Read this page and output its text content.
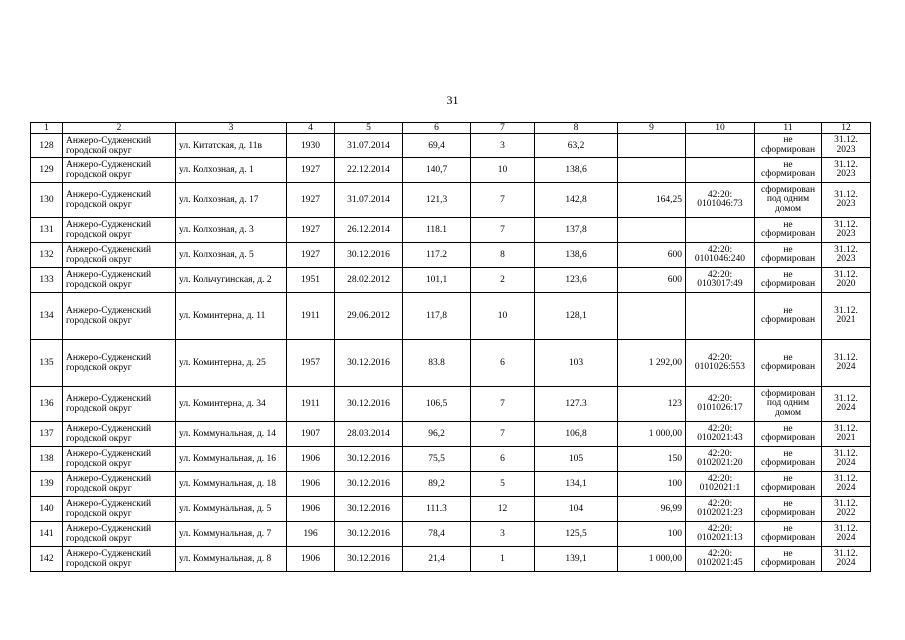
31
1	2	3	4	5	6	7	8	9	10	11	12
128	Анжеро-Судженский городской округ	ул. Китатская, д. 11в	1930	31.07.2014	69,4	3	63,2			не сформирован	31.12. 2023
129	Анжеро-Судженский городской округ	ул. Колхозная, д. 1	1927	22.12.2014	140,7	10	138,6			не сформирован	31.12. 2023
130	Анжеро-Судженский городской округ	ул. Колхозная, д. 17	1927	31.07.2014	121,3	7	142,8	164,25	42:20: 0101046:73	сформирован под одним домом	31.12. 2023
131	Анжеро-Судженский городской округ	ул. Колхозная, д. 3	1927	26.12.2014	118.1	7	137,8			не сформирован	31.12. 2023
132	Анжеро-Судженский городской округ	ул. Колхозная, д. 5	1927	30.12.2016	117.2	8	138,6	600	42:20: 0101046:240	не сформирован	31.12. 2023
133	Анжеро-Судженский городской округ	ул. Кольчугинская, д. 2	1951	28.02.2012	101,1	2	123,6	600	42:20: 0103017:49	не сформирован	31.12. 2020
134	Анжеро-Судженский городской округ	ул. Коминтерна, д. 11	1911	29.06.2012	117,8	10	128,1			не сформирован	31.12. 2021
135	Анжеро-Судженский городской округ	ул. Коминтерна, д. 25	1957	30.12.2016	83.8	6	103	1 292,00	42:20: 0101026:553	не сформирован	31.12. 2024
136	Анжеро-Судженский городской округ	ул. Коминтерна, д. 34	1911	30.12.2016	106,5	7	127.3	123	42:20: 0101026:17	сформирован под одним домом	31.12. 2024
137	Анжеро-Судженский городской округ	ул. Коммунальная, д. 14	1907	28.03.2014	96,2	7	106,8	1 000,00	42:20: 0102021:43	не сформирован	31.12. 2021
138	Анжеро-Судженский городской округ	ул. Коммунальная, д. 16	1906	30.12.2016	75,5	6	105	150	42:20: 0102021:20	не сформирован	31.12. 2024
139	Анжеро-Судженский городской округ	ул. Коммунальная, д. 18	1906	30.12.2016	89,2	5	134,1	100	42:20: 0102021:1	не сформирован	31.12. 2024
140	Анжеро-Судженский городской округ	ул. Коммунальная, д. 5	1906	30.12.2016	111.3	12	104	96,99	42:20: 0102021:23	не сформирован	31.12. 2022
141	Анжеро-Судженский городской округ	ул. Коммунальная, д. 7	196	30.12.2016	78,4	3	125,5	100	42:20: 0102021:13	не сформирован	31.12. 2024
142	Анжеро-Судженский городской округ	ул. Коммунальная, д. 8	1906	30.12.2016	21,4	1	139,1	1 000,00	42:20: 0102021:45	не сформирован	31.12. 2024
